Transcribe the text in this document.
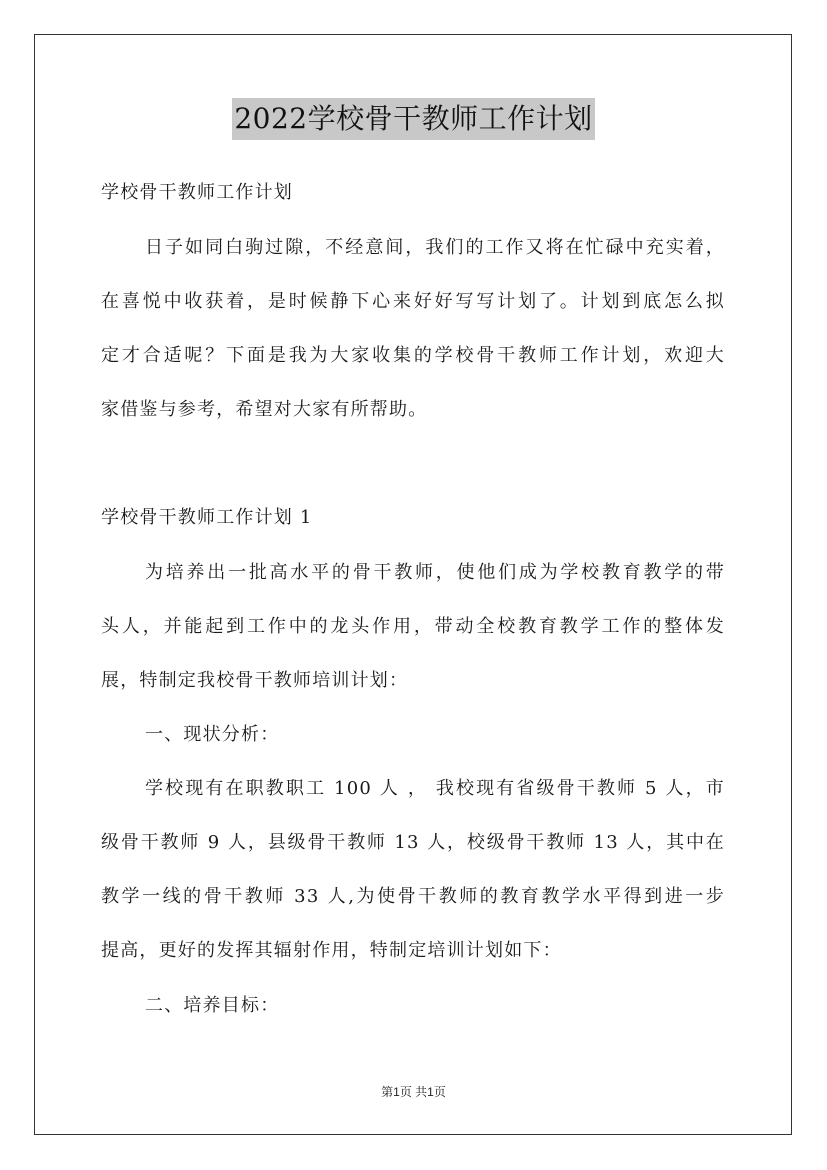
2022学校骨干教师工作计划
学校骨干教师工作计划
日子如同白驹过隙，不经意间，我们的工作又将在忙碌中充实着，
在喜悦中收获着，是时候静下心来好好写写计划了。计划到底怎么拟
定才合适呢？下面是我为大家收集的学校骨干教师工作计划，欢迎大
家借鉴与参考，希望对大家有所帮助。
学校骨干教师工作计划 1
为培养出一批高水平的骨干教师，使他们成为学校教育教学的带
头人，并能起到工作中的龙头作用，带动全校教育教学工作的整体发
展，特制定我校骨干教师培训计划：
一、现状分析：
学校现有在职教职工 100 人 ， 我校现有省级骨干教师 5 人，市
级骨干教师 9 人，县级骨干教师 13 人，校级骨干教师 13 人，其中在
教学一线的骨干教师 33 人,为使骨干教师的教育教学水平得到进一步
提高，更好的发挥其辐射作用，特制定培训计划如下：
二、培养目标：
第1页 共1页
